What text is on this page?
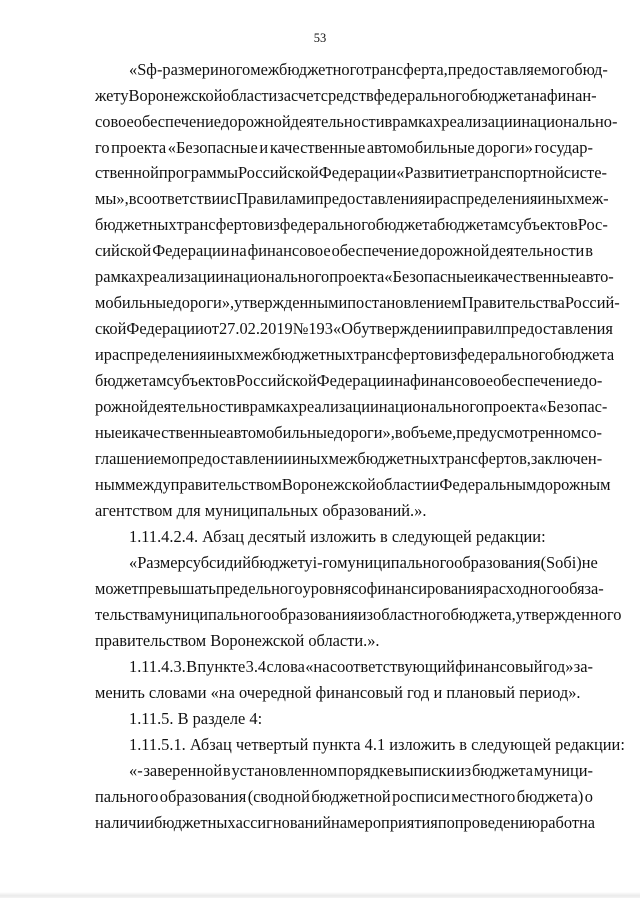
53
«Sф - размер иного межбюджетного трансферта, предоставляемого бюд-
жету Воронежской области за счет средств федерального бюджета на финан-
совое обеспечение дорожной деятельности в рамках реализации национально-
го проекта «Безопасные и качественные автомобильные дороги» государ-
ственной программы Российской Федерации «Развитие транспортной систе-
мы», в соответствии с Правилами предоставления и распределения иных меж-
бюджетных трансфертов из федерального бюджета бюджетам субъектов Рос-
сийской Федерации на финансовое обеспечение дорожной деятельности в
рамках реализации национального проекта «Безопасные и качественные авто-
мобильные дороги», утвержденными постановлением Правительства Россий-
ской Федерации от 27.02.2019 № 193 «Об утверждении правил предоставления
и распределения иных межбюджетных трансфертов из федерального бюджета
бюджетам субъектов Российской Федерации на финансовое обеспечение до-
рожной деятельности в рамках реализации национального проекта «Безопас-
ные и качественные автомобильные дороги», в объеме, предусмотренном со-
глашением о предоставлении иных межбюджетных трансфертов, заключен-
ным между правительством Воронежской области и Федеральным дорожным
агентством для муниципальных образований.».
1.11.4.2.4. Абзац десятый изложить в следующей редакции:
«Размер субсидий бюджету i-го муниципального образования (Sобi) не
может превышать предельного уровня софинансирования расходного обяза-
тельства муниципального образования из областного бюджета, утвержденного
правительством Воронежской области.».
1.11.4.3. В пункте 3.4 слова «на соответствующий финансовый год» за-
менить словами «на очередной финансовый год и плановый период».
1.11.5. В разделе 4:
1.11.5.1. Абзац четвертый пункта 4.1 изложить в следующей редакции:
«- заверенной в установленном порядке выписки из бюджета муници-
пального образования (сводной бюджетной росписи местного бюджета) о
наличии бюджетных ассигнований на мероприятия по проведению работ на
